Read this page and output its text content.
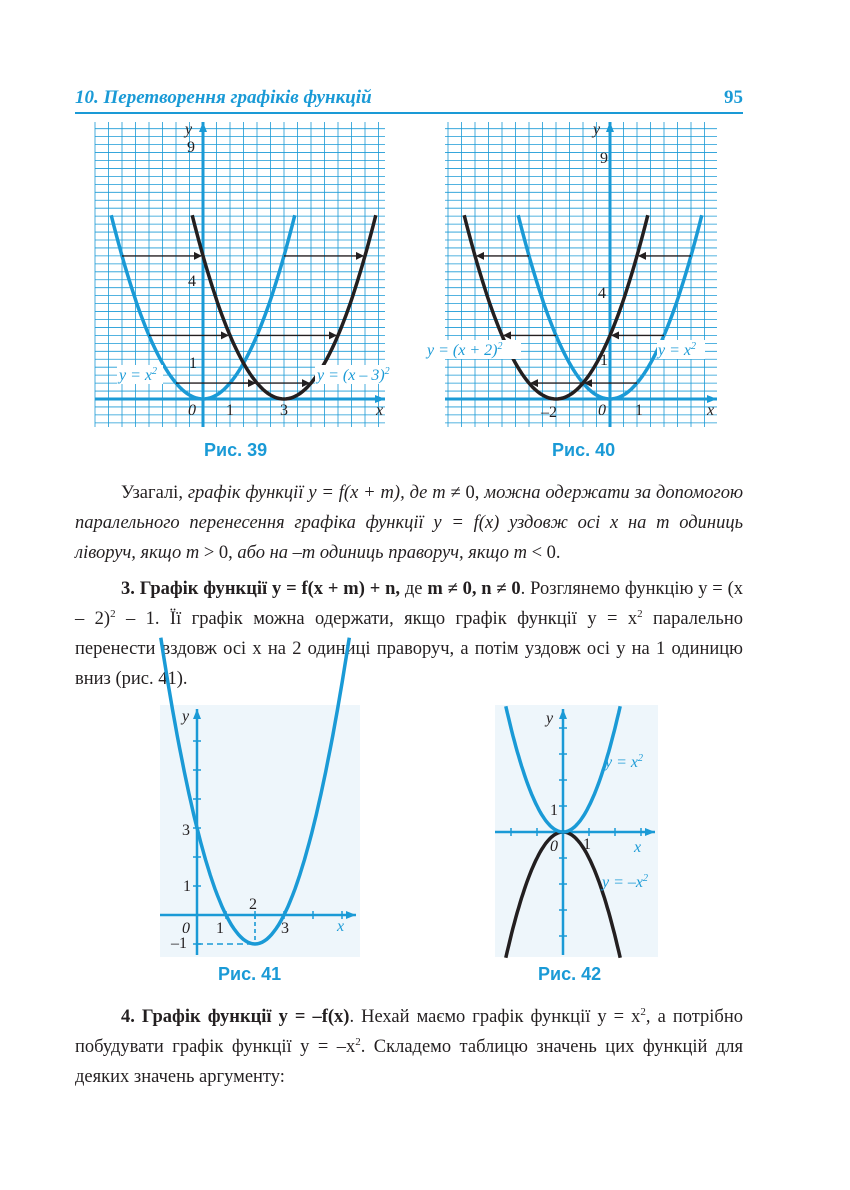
10. Перетворення графіків функцій	95
y
x
9
4
1
0 1	3
$y = x^2$	y = (x – 3)$^2$
Рис. 39
y
x
9
4
1
0 1
–2
$y = (x + 2)^2$	$y = x^2$
Рис. 40

Узагалі, графік функції y = f(x + m), де m ≠ 0, можна одержати за допомогою паралельного перенесення графіка функції y = f(x) уздовж осі x на m одиниць ліворуч, якщо m > 0, або на –m одиниць праворуч, якщо m < 0.

3. Графік функції y = f(x + m) + n, де m ≠ 0, n ≠ 0. Розглянемо функцію y = (x – 2)$^2$ – 1. Її графік можна одержати, якщо графік функції $y = x^2$ паралельно перенести вздовж осі x на 2 одиниці праворуч, а потім уздовж осі y на 1 одиницю вниз (рис. 41).

y
x
3
1
0 1
2
3
–1
Рис. 41
y
x
1
0 1
$y = x^2$
$y = -x^2$
Рис. 42

4. Графік функції y = –f(x). Нехай маємо графік функції $y = x^2$, а потрібно побудувати графік функції $y = -x^2$. Складемо таблицю значень цих функцій для деяких значень аргументу:
